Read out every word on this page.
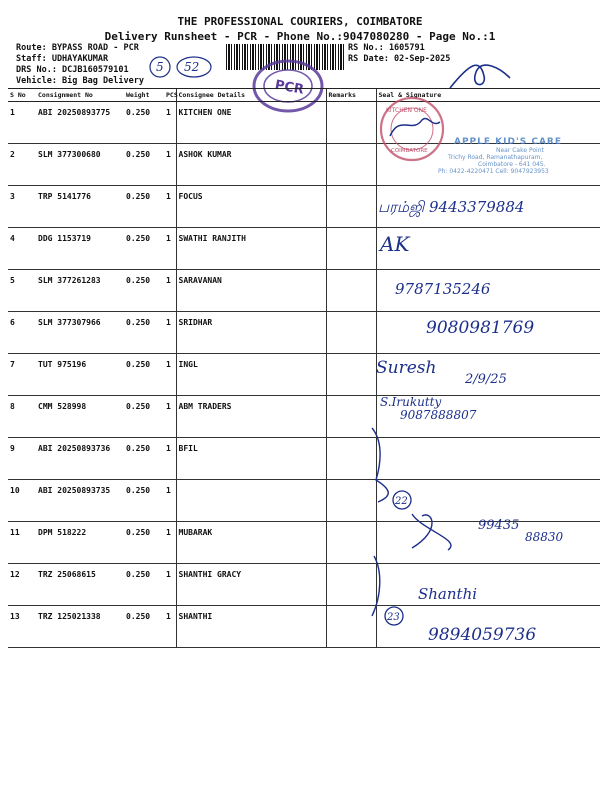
THE PROFESSIONAL COURIERS, COIMBATORE
Delivery Runsheet - PCR - Phone No.:9047080280 - Page No.:1
Route: BYPASS ROAD - PCR
Staff: UDHAYAKUMAR
DRS No.: DCJB160579101
Vehicle: Big Bag Delivery
RS No.: 1605791
RS Date: 02-Sep-2025
5 52
PCR
S No	Consignment No	Weight	PCS	Consignee Details	Remarks	Seal & Signature
1	ABI 20250893775	0.250	1	KITCHEN ONE		
2	SLM 377300680	0.250	1	ASHOK KUMAR		
3	TRP 5141776	0.250	1	FOCUS		
4	DDG 1153719	0.250	1	SWATHI RANJITH		
5	SLM 377261283	0.250	1	SARAVANAN		
6	SLM 377307966	0.250	1	SRIDHAR		
7	TUT 975196	0.250	1	INGL		
8	CMM 528998	0.250	1	ABM TRADERS		
9	ABI 20250893736	0.250	1	BFIL		
10	ABI 20250893735	0.250	1			
11	DPM 518222	0.250	1	MUBARAK		
12	TRZ 25068615	0.250	1	SHANTHI GRACY		
13	TRZ 125021338	0.250	1	SHANTHI		
KITCHEN ONE
COIMBATORE
APPLE KID'S CARE
Near Cake Point
Trichy Road, Ramanathapuram,
Coimbatore - 641 045.
Ph: 0422-4220471 Cell: 9047923953
பரம்ஜி 9443379884
AK
9787135246
9080981769
Suresh
2/9/25
S.Irukutty
9087888807
99435
88830
Shanthi
9894059736
22
23
